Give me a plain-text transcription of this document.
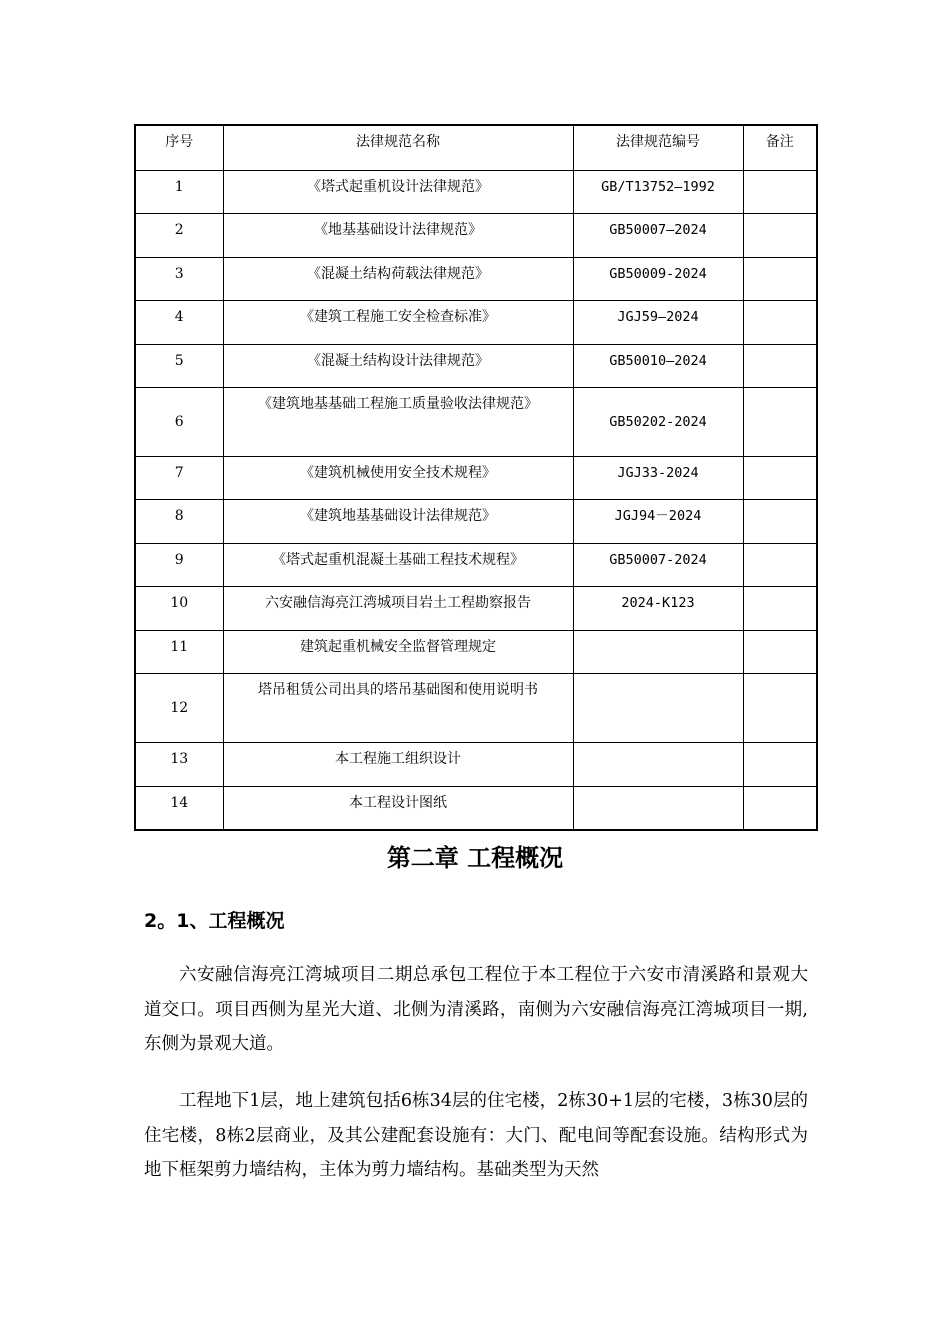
序号	法律规范名称	法律规范编号	备注
1	《塔式起重机设计法律规范》	GB/T13752—1992	
2	《地基基础设计法律规范》	GB50007—2024	
3	《混凝土结构荷载法律规范》	GB50009-2024	
4	《建筑工程施工安全检查标准》	JGJ59—2024	
5	《混凝土结构设计法律规范》	GB50010—2024	
6	《建筑地基基础工程施工质量验收法律规范》	GB50202-2024	
7	《建筑机械使用安全技术规程》	JGJ33-2024	
8	《建筑地基基础设计法律规范》	JGJ94－2024	
9	《塔式起重机混凝土基础工程技术规程》	GB50007-2024	
10	六安融信海亮江湾城项目岩土工程勘察报告	2024-K123	
11	建筑起重机械安全监督管理规定		
12	塔吊租赁公司出具的塔吊基础图和使用说明书		
13	本工程施工组织设计		
14	本工程设计图纸		
第二章 工程概况
2。1、工程概况

六安融信海亮江湾城项目二期总承包工程位于本工程位于六安市清溪路和景观大道交口。项目西侧为星光大道、北侧为清溪路，南侧为六安融信海亮江湾城项目一期,东侧为景观大道。

工程地下1层，地上建筑包括6栋34层的住宅楼，2栋30+1层的宅楼，3栋30层的住宅楼，8栋2层商业，及其公建配套设施有：大门、配电间等配套设施。结构形式为地下框架剪力墙结构，主体为剪力墙结构。基础类型为天然
